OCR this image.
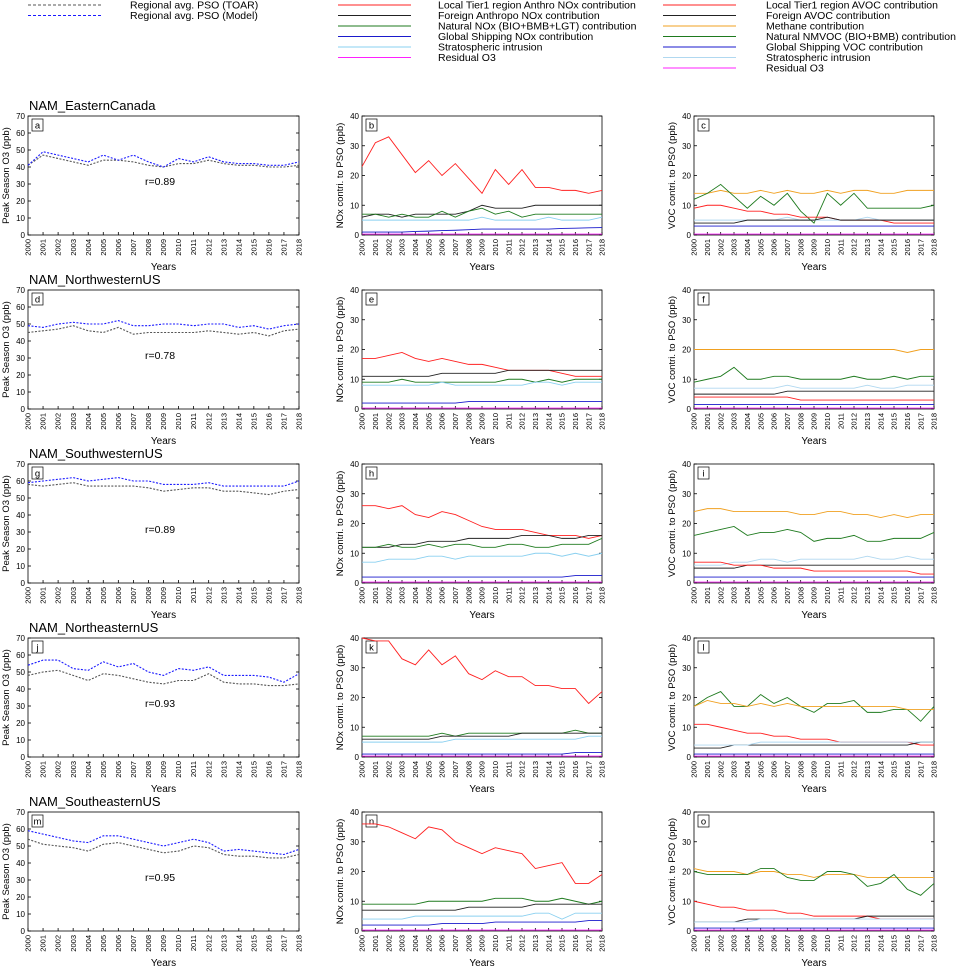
Regional avg. PSO (TOAR)
Regional avg. PSO (Model)
Local Tier1 region Anthro NOx contribution
Foreign Anthropo NOx contribution
Natural NOx (BIO+BMB+LGT) contribution
Global Shipping NOx contribution
Stratospheric intrusion
Residual O3
Local Tier1 region AVOC contribution
Foreign AVOC contribution
Methane contribution
Natural NMVOC (BIO+BMB) contribution
Global Shipping VOC contribution
Stratospheric intrusion
Residual O3
NAM_EasternCanada
0
10
20
30
40
50
60
70
2000 2001 2002 2003 2004 2005 2006 2007 2008 2009 2010 2011 2012 2013 2014 2015 2016 2017 2018
Years
Peak Season O3 (ppb)
a
r=0.89
0
10
20
30
40
2000 2001 2002 2003 2004 2005 2006 2007 2008 2009 2010 2011 2012 2013 2014 2015 2016 2017 2018
Years
NOx contri. to PSO (ppb) b
0
10
20
30
40
2000 2001 2002 2003 2004 2005 2006 2007 2008 2009 2010 2011 2012 2013 2014 2015 2016 2017 2018
Years
VOC contri. to PSO (ppb) c
NAM_NorthwesternUS
0
10
20
30
40
50
60
70
2000 2001 2002 2003 2004 2005 2006 2007 2008 2009 2010 2011 2012 2013 2014 2015 2016 2017 2018
Years
Peak Season O3 (ppb)
d
r=0.78
0
10
20
30
40
2000 2001 2002 2003 2004 2005 2006 2007 2008 2009 2010 2011 2012 2013 2014 2015 2016 2017 2018
Years
NOx contri. to PSO (ppb) e
0
10
20
30
40
2000 2001 2002 2003 2004 2005 2006 2007 2008 2009 2010 2011 2012 2013 2014 2015 2016 2017 2018
Years
VOC contri. to PSO (ppb)	f
NAM_SouthwesternUS
0
10
20
30
40
50
60
70
2000 2001 2002 2003 2004 2005 2006 2007 2008 2009 2010 2011 2012 2013 2014 2015 2016 2017 2018
Years
Peak Season O3 (ppb)
g
r=0.89
0
10
20
30
40
2000 2001 2002 2003 2004 2005 2006 2007 2008 2009 2010 2011 2012 2013 2014 2015 2016 2017 2018
Years
NOx contri. to PSO (ppb) h
0
10
20
30
40
2000 2001 2002 2003 2004 2005 2006 2007 2008 2009 2010 2011 2012 2013 2014 2015 2016 2017 2018
Years
VOC contri. to PSO (ppb)	i
NAM_NortheasternUS
0
10
20
30
40
50
60
70
2000 2001 2002 2003 2004 2005 2006 2007 2008 2009 2010 2011 2012 2013 2014 2015 2016 2017 2018
Years
Peak Season O3 (ppb)
j
r=0.93
0
10
20
30
40
2000 2001 2002 2003 2004 2005 2006 2007 2008 2009 2010 2011 2012 2013 2014 2015 2016 2017 2018
Years
NOx contri. to PSO (ppb) k
0
10
20
30
40
2000 2001 2002 2003 2004 2005 2006 2007 2008 2009 2010 2011 2012 2013 2014 2015 2016 2017 2018
Years
VOC contri. to PSO (ppb)	l
NAM_SoutheasternUS
0
10
20
30
40
50
60
70
2000 2001 2002 2003 2004 2005 2006 2007 2008 2009 2010 2011 2012 2013 2014 2015 2016 2017 2018
Years
Peak Season O3 (ppb)
m
r=0.95
0
10
20
30
40
2000 2001 2002 2003 2004 2005 2006 2007 2008 2009 2010 2011 2012 2013 2014 2015 2016 2017 2018
Years
NOx contri. to PSO (ppb) n
0
10
20
30
40
2000 2001 2002 2003 2004 2005 2006 2007 2008 2009 2010 2011 2012 2013 2014 2015 2016 2017 2018
Years
VOC contri. to PSO (ppb) o
